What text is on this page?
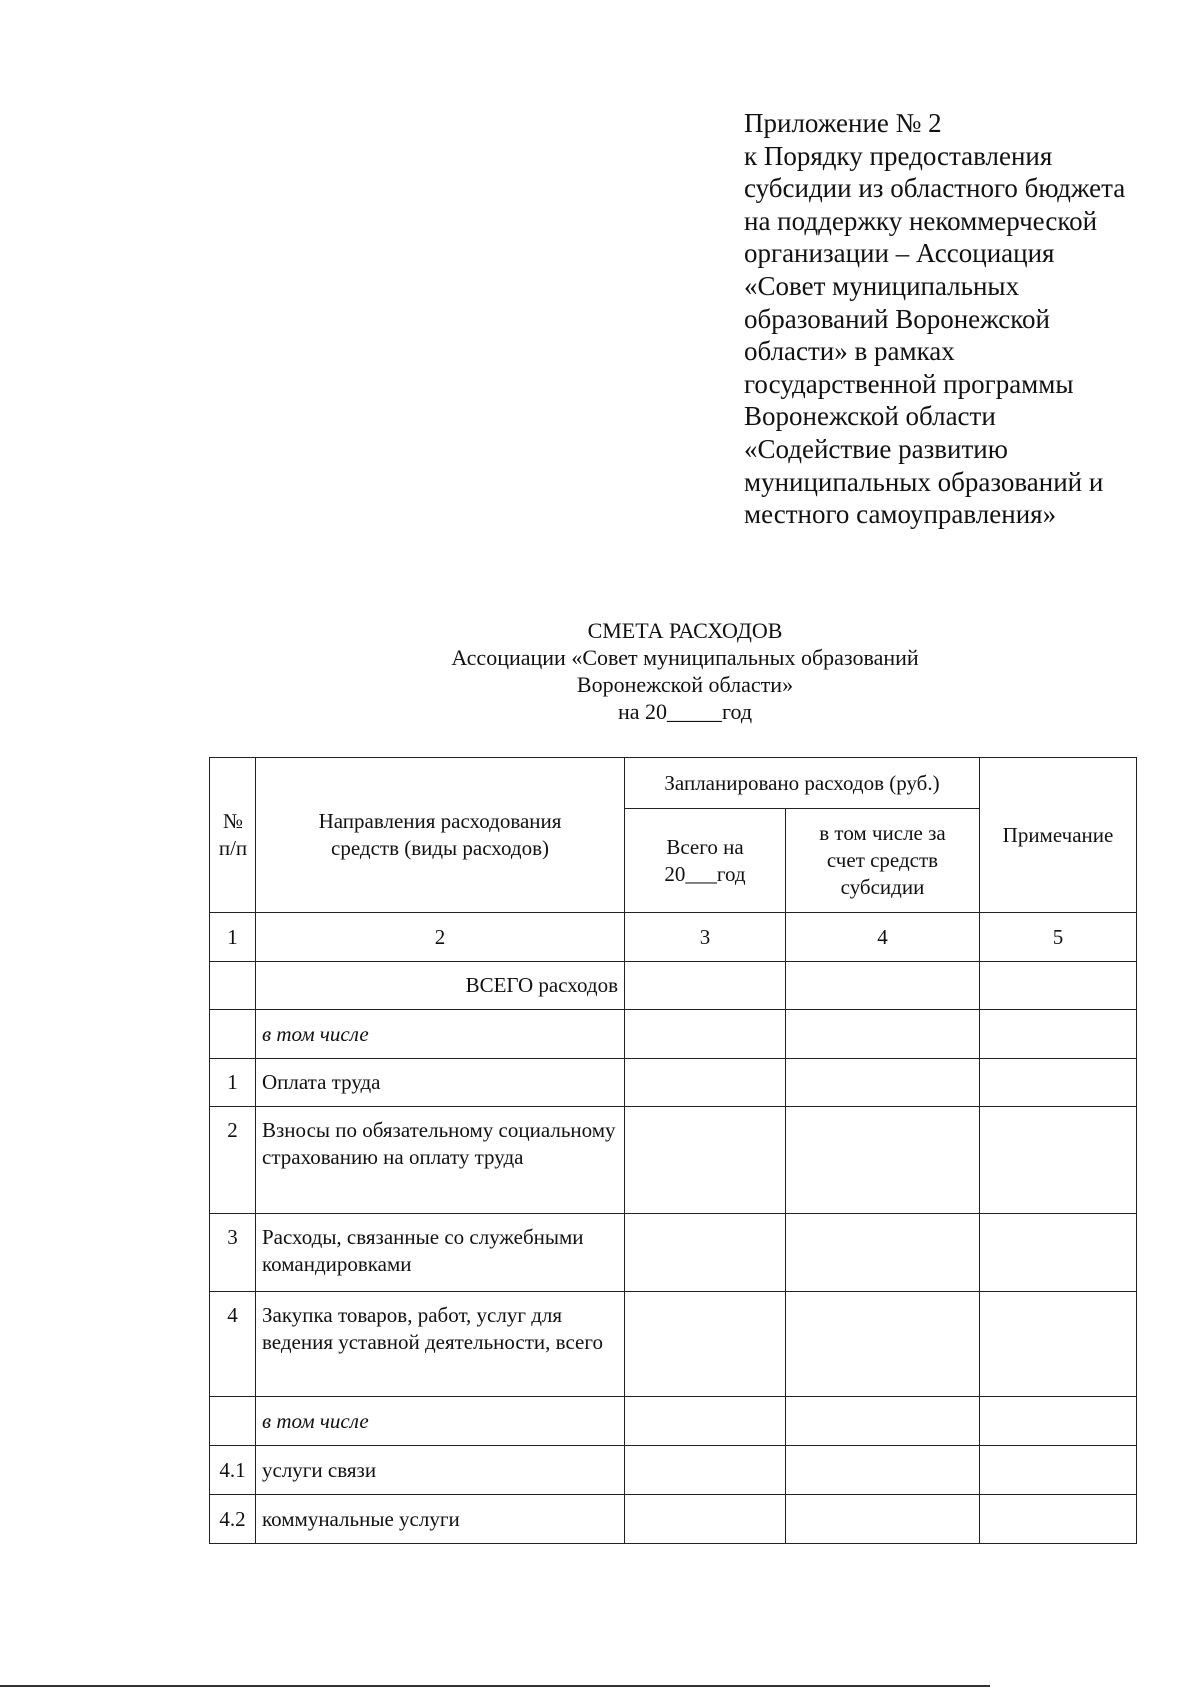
Приложение № 2
к Порядку предоставления
субсидии из областного бюджета
на поддержку некоммерческой
организации – Ассоциация
«Совет муниципальных
образований Воронежской
области» в рамках
государственной программы
Воронежской области
«Содействие развитию
муниципальных образований и
местного самоуправления»
СМЕТА РАСХОДОВ
Ассоциации «Совет муниципальных образований
Воронежской области»
на 20_____год
№ п/п	Направления расходования средств (виды расходов)	Запланировано расходов (руб.)		Примечание
		Всего на 20___год	в том числе за счет средств субсидии	
1	2	3	4	5
	ВСЕГО расходов			
	в том числе			
1	Оплата труда			
2	Взносы по обязательному социальному страхованию на оплату труда			
3	Расходы, связанные со служебными командировками			
4	Закупка товаров, работ, услуг для ведения уставной деятельности, всего			
	в том числе			
4.1	услуги связи			
4.2	коммунальные услуги			
